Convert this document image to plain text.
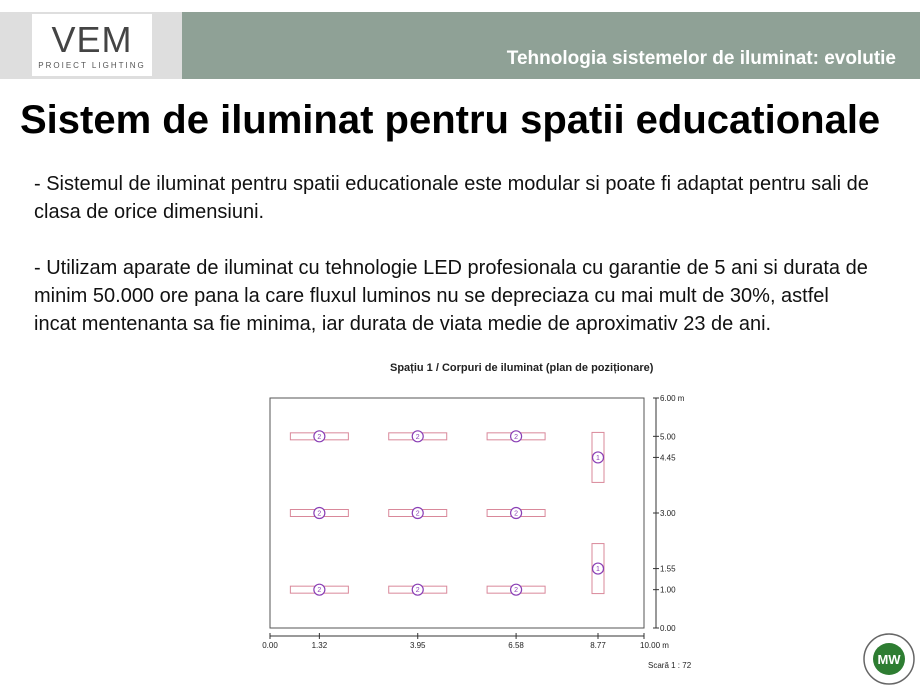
VEM
PROIECT LIGHTING	Tehnologia sistemelor de iluminat: evolutie
Sistem de iluminat pentru spatii educationale

- Sistemul de iluminat pentru spatii educationale este modular si poate fi adaptat pentru sali de clasa de orice dimensiuni.

- Utilizam aparate de iluminat cu tehnologie LED profesionala cu garantie de 5 ani si durata de minim 50.000 ore pana la care fluxul luminos nu se depreciaza cu mai mult de 30%, astfel incat mentenanta sa fie minima, iar durata de viata medie de aproximativ 23 de ani.

Spațiu 1 / Corpuri de iluminat (plan de poziționare)
0.00	1.32	3.95	6.58	8.77	10.00 m
6.00 m
5.00
4.45
3.00
1.55
1.00
0.00
2	2	2
2	2	2
2	2	2
1
1
Scară 1 : 72	MW
